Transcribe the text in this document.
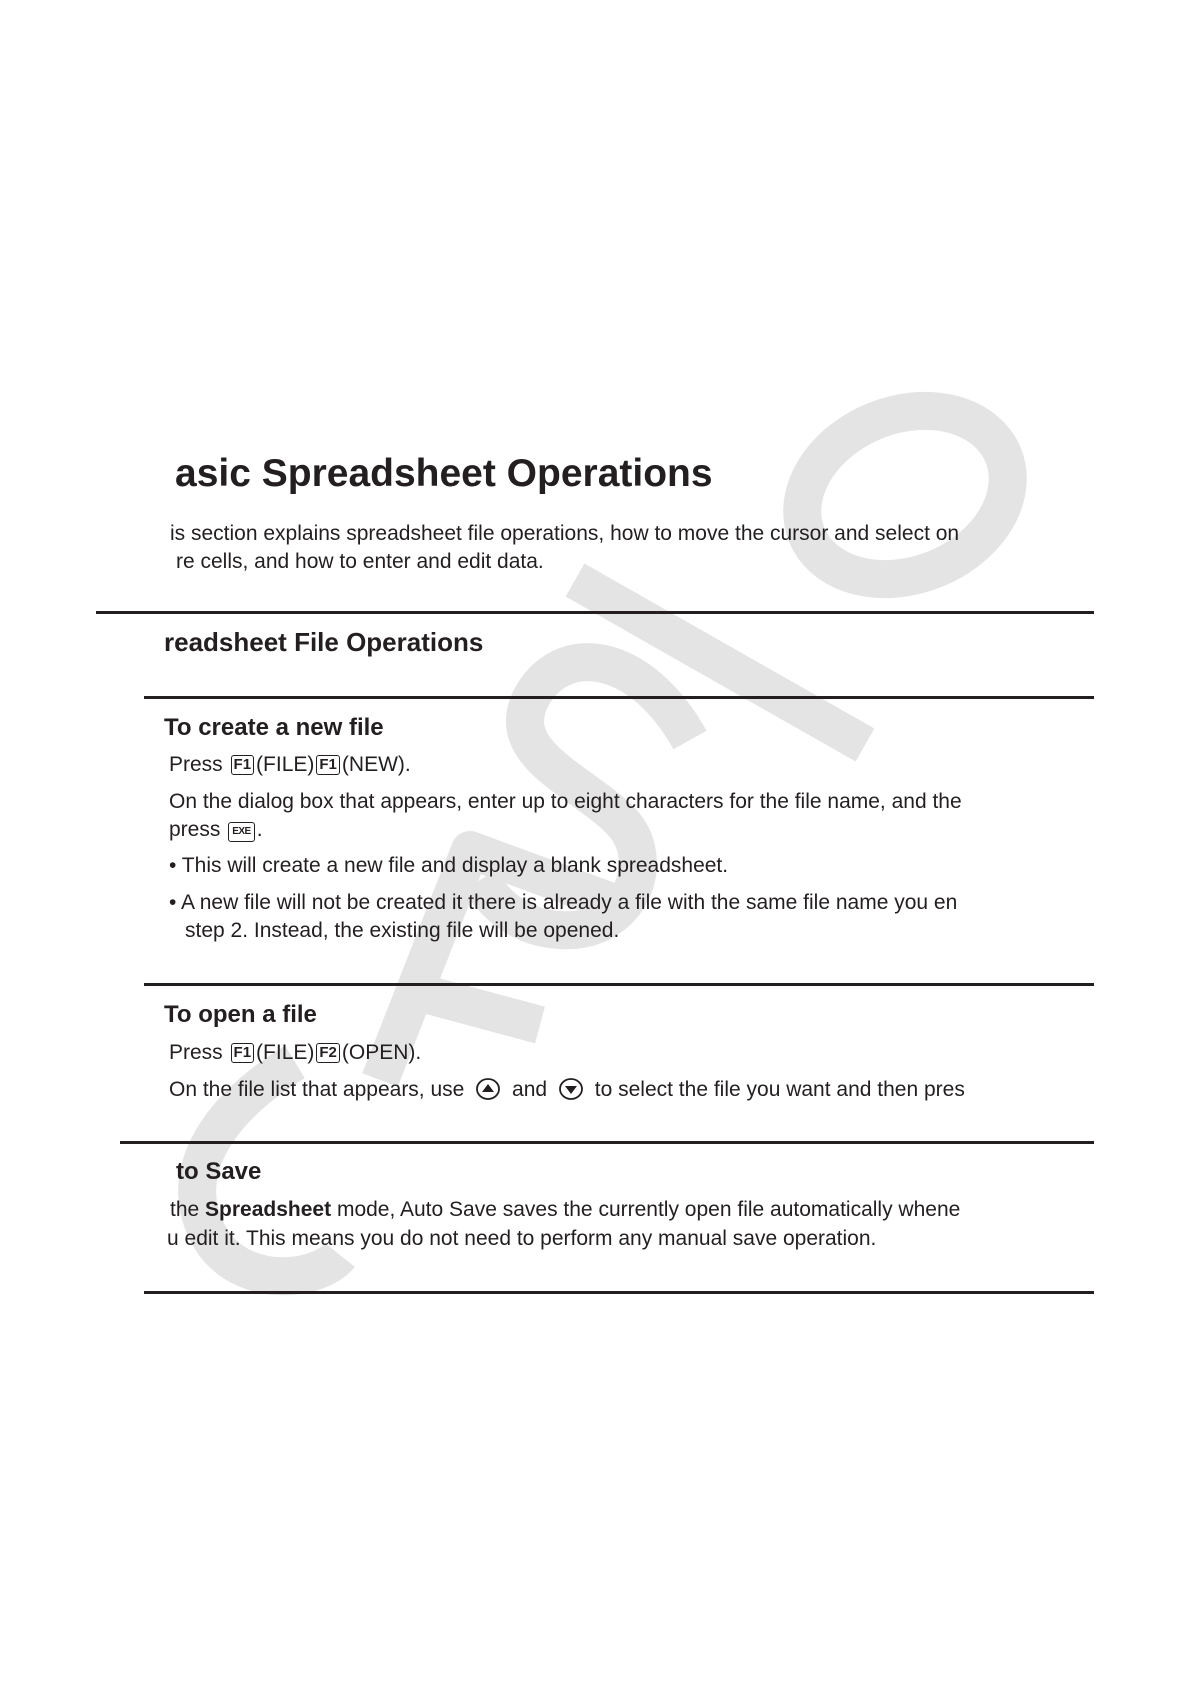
asic Spreadsheet Operations
is section explains spreadsheet file operations, how to move the cursor and select on
re cells, and how to enter and edit data.
readsheet File Operations
To create a new file
Press F1 (FILE) F1 (NEW).
On the dialog box that appears, enter up to eight characters for the file name, and the
press EXE .
• This will create a new file and display a blank spreadsheet.
• A new file will not be created it there is already a file with the same file name you en
step 2. Instead, the existing file will be opened.
To open a file
Press F1 (FILE) F2 (OPEN).
On the file list that appears, use and to select the file you want and then pres
to Save
the Spreadsheet mode, Auto Save saves the currently open file automatically whene
u edit it. This means you do not need to perform any manual save operation.
